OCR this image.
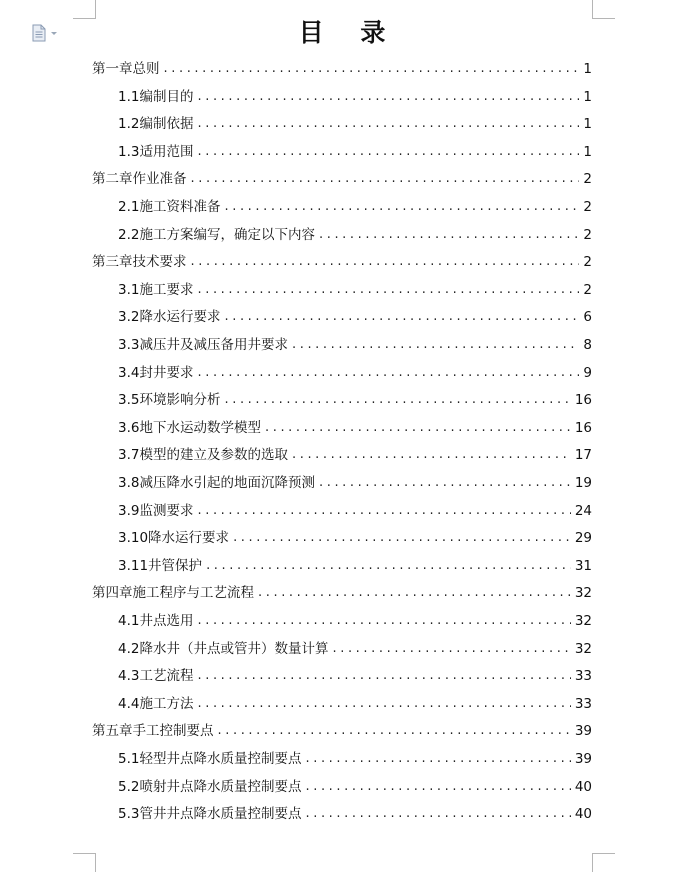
目 录
第一章总则 .....	1
1.1编制目的 .....	1
1.2编制依据 .....	1
1.3适用范围 .....	1
第二章作业准备 .....	2
2.1施工资料准备 .....	2
2.2施工方案编写，确定以下内容 .....	2
第三章技术要求 .....	2
3.1施工要求 .....	2
3.2降水运行要求 .....	6
3.3减压井及减压备用井要求 .....	8
3.4封井要求 .....	9
3.5环境影响分析 .....	16
3.6地下水运动数学模型 .....	16
3.7模型的建立及参数的选取 .....	17
3.8减压降水引起的地面沉降预测 .....	19
3.9监测要求 .....	24
3.10降水运行要求 .....	29
3.11井管保护 .....	31
第四章施工程序与工艺流程 .....	32
4.1井点选用 .....	32
4.2降水井（井点或管井）数量计算 .....	32
4.3工艺流程 .....	33
4.4施工方法 .....	33
第五章手工控制要点 .....	39
5.1轻型井点降水质量控制要点 .....	39
5.2喷射井点降水质量控制要点 .....	40
5.3管井井点降水质量控制要点 .....	40
